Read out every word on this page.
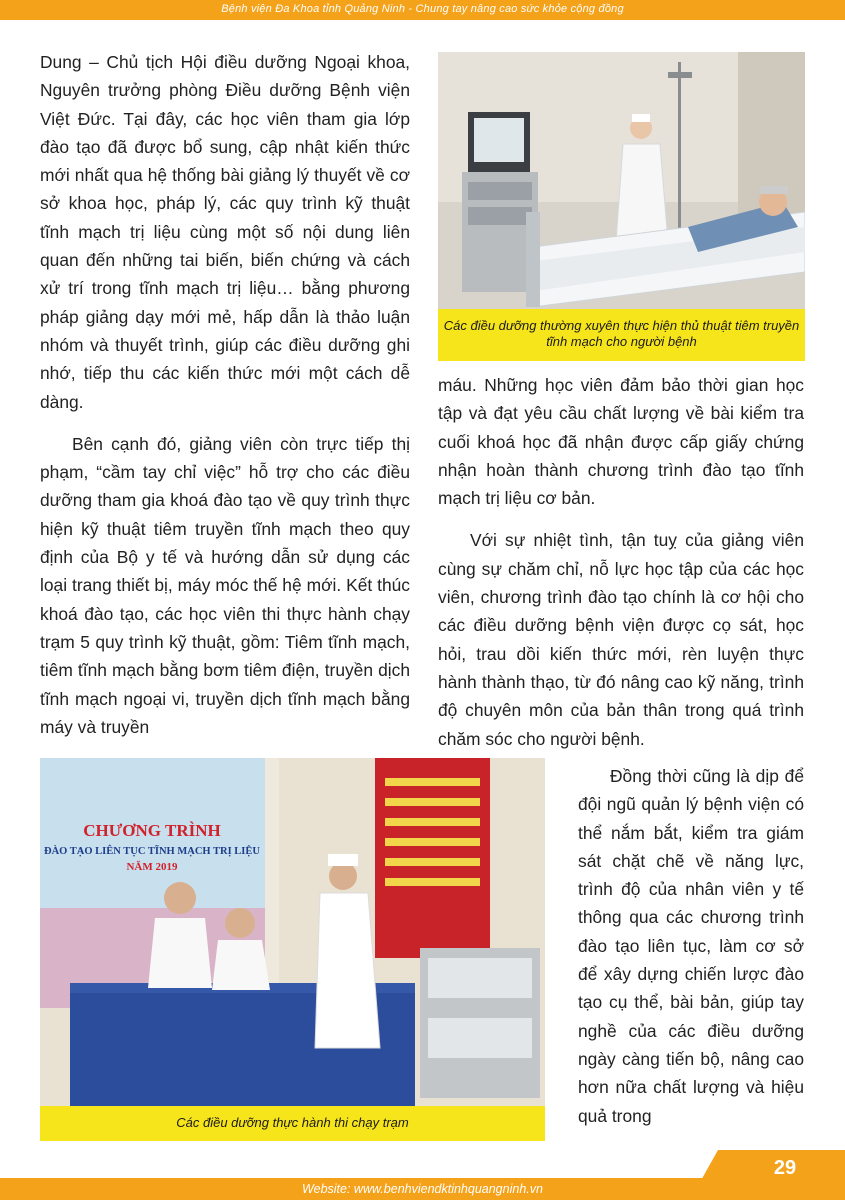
Bệnh viện Đa Khoa tỉnh Quảng Ninh - Chung tay nâng cao sức khỏe cộng đồng

Dung – Chủ tịch Hội điều dưỡng Ngoại khoa, Nguyên trưởng phòng Điều dưỡng Bệnh viện Việt Đức. Tại đây, các học viên tham gia lớp đào tạo đã được bổ sung, cập nhật kiến thức mới nhất qua hệ thống bài giảng lý thuyết về cơ sở khoa học, pháp lý, các quy trình kỹ thuật tĩnh mạch trị liệu cùng một số nội dung liên quan đến những tai biến, biến chứng và cách xử trí trong tĩnh mạch trị liệu… bằng phương pháp giảng dạy mới mẻ, hấp dẫn là thảo luận nhóm và thuyết trình, giúp các điều dưỡng ghi nhớ, tiếp thu các kiến thức mới một cách dễ dàng.

Bên cạnh đó, giảng viên còn trực tiếp thị phạm, “cầm tay chỉ việc” hỗ trợ cho các điều dưỡng tham gia khoá đào tạo về quy trình thực hiện kỹ thuật tiêm truyền tĩnh mạch theo quy định của Bộ y tế và hướng dẫn sử dụng các loại trang thiết bị, máy móc thế hệ mới. Kết thúc khoá đào tạo, các học viên thi thực hành chạy trạm 5 quy trình kỹ thuật, gồm: Tiêm tĩnh mạch, tiêm tĩnh mạch bằng bơm tiêm điện, truyền dịch tĩnh mạch ngoại vi, truyền dịch tĩnh mạch bằng máy và truyền

Các điều dưỡng thường xuyên thực hiện thủ thuật tiêm truyền tĩnh mạch cho người bệnh

máu. Những học viên đảm bảo thời gian học tập và đạt yêu cầu chất lượng về bài kiểm tra cuối khoá học đã nhận được cấp giấy chứng nhận hoàn thành chương trình đào tạo tĩnh mạch trị liệu cơ bản.

Với sự nhiệt tình, tận tuỵ của giảng viên cùng sự chăm chỉ, nỗ lực học tập của các học viên, chương trình đào tạo chính là cơ hội cho các điều dưỡng bệnh viện được cọ sát, học hỏi, trau dồi kiến thức mới, rèn luyện thực hành thành thạo, từ đó nâng cao kỹ năng, trình độ chuyên môn của bản thân trong quá trình chăm sóc cho người bệnh.

CHƯƠNG TRÌNH
ĐÀO TẠO LIÊN TỤC TĨNH MẠCH TRỊ LIỆU
NĂM 2019
Các điều dưỡng thực hành thi chạy trạm

Đồng thời cũng là dịp để đội ngũ quản lý bệnh viện có thể nắm bắt, kiểm tra giám sát chặt chẽ về năng lực, trình độ của nhân viên y tế thông qua các chương trình đào tạo liên tục, làm cơ sở để xây dựng chiến lược đào tạo cụ thể, bài bản, giúp tay nghề của các điều dưỡng ngày càng tiến bộ, nâng cao hơn nữa chất lượng và hiệu quả trong

29
Website: www.benhviendktinhquangninh.vn
